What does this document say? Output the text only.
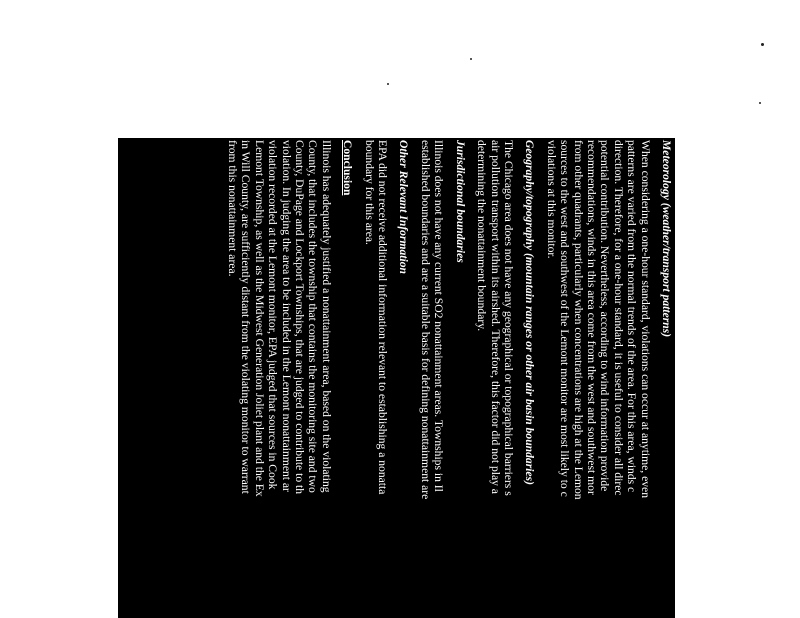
Meteorology (weather/transport patterns)
When considering a one-hour standard, violations can occur at anytime, even
patterns are varied from the normal trends of the area. For this area, winds c
direction. Therefore, for a one-hour standard, it is useful to consider all direc
potential contribution. Nevertheless, according to wind information provide
recommendations, winds in this area come from the west and southwest mor
from other quadrants, particularly when concentrations are high at the Lemon
sources to the west and southwest of the Lemont monitor are most likely to c
violations at this monitor.
Geography/topography (mountain ranges or other air basin boundaries)
The Chicago area does not have any geographical or topographical barriers s
air pollution transport within its airshed. Therefore, this factor did not play a
determining the nonattainment boundary.
Jurisdictional boundaries
Illinois does not have any current SO2 nonattainment areas. Townships in Il
established boundaries and are a suitable basis for defining nonattainment are
Other Relevant Information
EPA did not receive additional information relevant to establishing a nonatta
boundary for this area.
Conclusion
Illinois has adequately justified a nonattainment area, based on the violating
County, that includes the township that contains the monitoring site and two
County, DuPage and Lockport Townships, that are judged to contribute to th
violation. In judging the area to be included in the Lemont nonattainment ar
violation recorded at the Lemont monitor, EPA judged that sources in Cook
Lemont Township, as well as the Midwest Generation Joliet plant and the Ex
in Will County, are sufficiently distant from the violating monitor to warrant
from this nonattainment area.
